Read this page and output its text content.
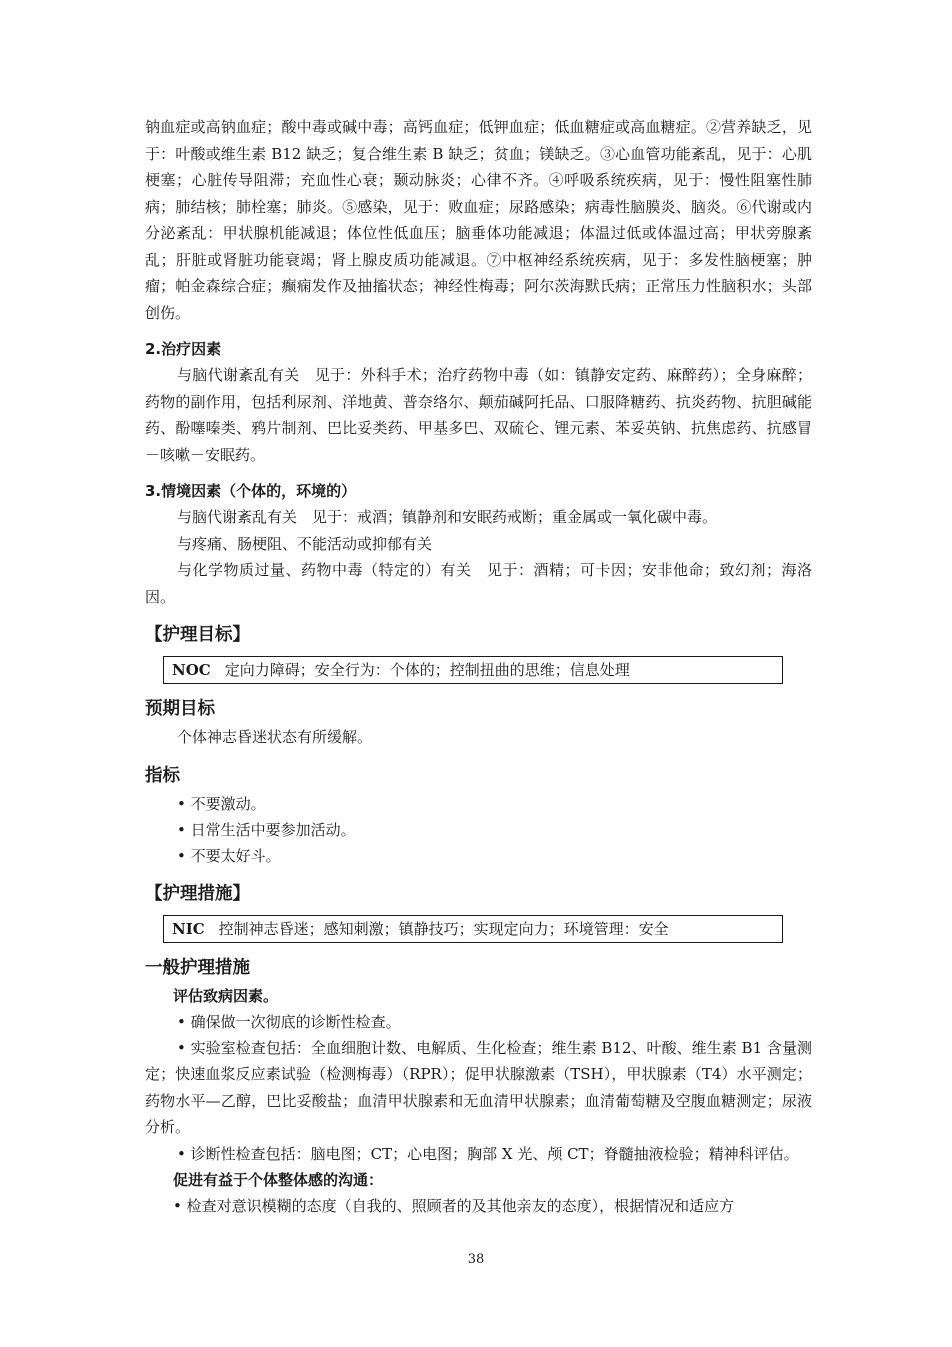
钠血症或高钠血症；酸中毒或碱中毒；高钙血症；低钾血症；低血糖症或高血糖症。②营养缺乏，见于：叶酸或维生素 B12 缺乏；复合维生素 B 缺乏；贫血；镁缺乏。③心血管功能紊乱，见于：心肌梗塞；心脏传导阻滞；充血性心衰；颞动脉炎；心律不齐。④呼吸系统疾病，见于：慢性阻塞性肺病；肺结核；肺栓塞；肺炎。⑤感染，见于：败血症；尿路感染；病毒性脑膜炎、脑炎。⑥代谢或内分泌紊乱：甲状腺机能减退；体位性低血压；脑垂体功能减退；体温过低或体温过高；甲状旁腺紊乱；肝脏或肾脏功能衰竭；肾上腺皮质功能减退。⑦中枢神经系统疾病，见于：多发性脑梗塞；肿瘤；帕金森综合症；癫痫发作及抽搐状态；神经性梅毒；阿尔茨海默氏病；正常压力性脑积水；头部创伤。

2.治疗因素

与脑代谢紊乱有关　见于：外科手术；治疗药物中毒（如：镇静安定药、麻醉药）；全身麻醉；药物的副作用，包括利尿剂、洋地黄、普奈络尔、颠茄碱阿托品、口服降糖药、抗炎药物、抗胆碱能药、酚噻嗪类、鸦片制剂、巴比妥类药、甲基多巴、双硫仑、锂元素、苯妥英钠、抗焦虑药、抗感冒－咳嗽－安眠药。

3.情境因素（个体的，环境的）

与脑代谢紊乱有关　见于：戒酒；镇静剂和安眠药戒断；重金属或一氧化碳中毒。

与疼痛、肠梗阻、不能活动或抑郁有关

与化学物质过量、药物中毒（特定的）有关　见于：酒精；可卡因；安非他命；致幻剂；海洛因。

【护理目标】

NOC 定向力障碍；安全行为：个体的；控制扭曲的思维；信息处理

预期目标

个体神志昏迷状态有所缓解。

指标

• 不要激动。

• 日常生活中要参加活动。

• 不要太好斗。

【护理措施】

NIC 控制神志昏迷；感知刺激；镇静技巧；实现定向力；环境管理：安全

一般护理措施

评估致病因素。

• 确保做一次彻底的诊断性检查。

• 实验室检查包括：全血细胞计数、电解质、生化检查；维生素 B12、叶酸、维生素 B1 含量测定；快速血浆反应素试验（检测梅毒）（RPR）；促甲状腺激素（TSH），甲状腺素（T4）水平测定；药物水平—乙醇，巴比妥酸盐；血清甲状腺素和无血清甲状腺素；血清葡萄糖及空腹血糖测定；尿液分析。

• 诊断性检查包括：脑电图；CT；心电图；胸部 X 光、颅 CT；脊髓抽液检验；精神科评估。

促进有益于个体整体感的沟通：

• 检查对意识模糊的态度（自我的、照顾者的及其他亲友的态度），根据情况和适应方

38
